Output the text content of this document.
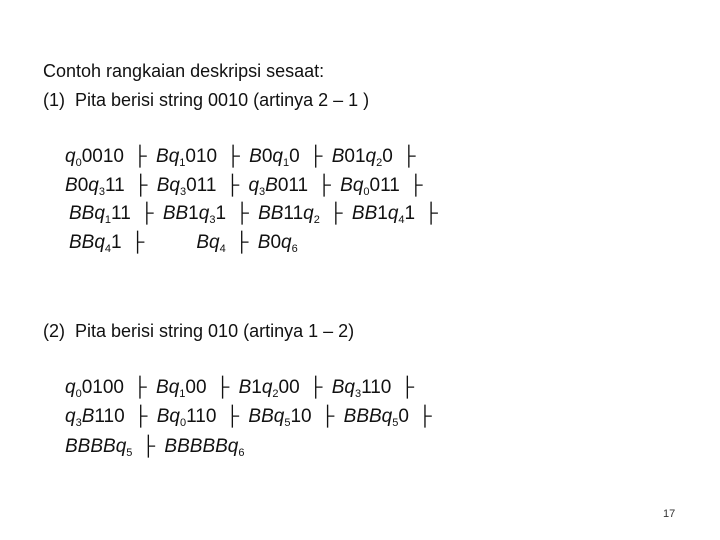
Contoh rangkaian deskripsi sesaat:
(1)  Pita berisi string 0010 (artinya 2 – 1 )
$q_00010$ ├ $Bq_1010$ ├ $B0q_10$ ├ $B01q_20$ ├
$B0q_311$ ├ $Bq_3011$ ├ $q_3B011$ ├ $Bq_0011$ ├
BBq$_1$11 ├ $BB1q_31$ ├ $BB11q_2$ ├ $BB1q_41$ ├
BBq$_4$1 ├	$Bq_4$ ├ $B0q_6$
(2)  Pita berisi string 010 (artinya 1 – 2)
$q_00100$ ├ $Bq_100$ ├ $B1q_200$ ├ $Bq_3110$ ├
$q_3B110$ ├ $Bq_0110$ ├ BBq$_5$10 ├ BBBq$_5$0 ├
BBBBq$_5$ ├ BBBBBq$_6$
17
